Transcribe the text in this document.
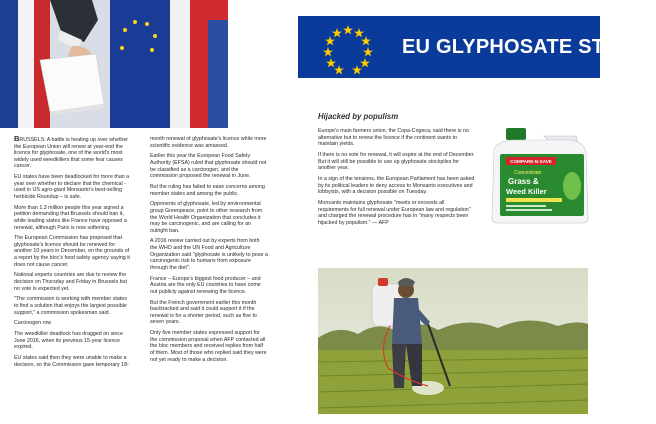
EU GLYPHOSATE STATUS

BRUSSELS: A battle is heating up over whether the European Union will renew at year-end the licence for glyphosate, one of the world's most widely used weedkillers that some fear causes cancer.

EU states have been deadlocked for more than a year over whether to declare that the chemical - used in US agro-giant Monsanto's best-selling herbicide Roundup – is safe.

More than 1.3 million people this year signed a petition demanding that Brussels should ban it, while leading states like France have opposed a renewal, although Paris is now softening.

The European Commission has proposed that glyphosate's licence should be renewed for another 10 years in December, on the grounds of a report by the bloc's food safety agency saying it does not cause cancer.

National experts countries are due to review the decision on Thursday and Friday in Brussels but no vote is expected yet.

"The commission is working with member states to find a solution that enjoys the largest possible support," a commission spokesman said.

Carcinogen row

The weedkiller deadlock has dragged on since June 2016, when its previous 15-year licence expired.

EU states said then they were unable to make a decision, so the Commission gave temporary 18-

month renewal of glyphosate's licence while more scientific evidence was amassed.

Earlier this year the European Food Safety Authority (EFSA) ruled that glyphosate should not be classified as a carcinogen, and the commission proposed the renewal in June.

But the ruling has failed to ease concerns among member states and among the public.

Opponents of glyphosate, led by environmental group Greenpeace, point to other research from the World Health Organization that concludes it may be carcinogenic, and are calling for an outright ban.

A 2016 review carried out by experts from both the WHO and the UN Food and Agriculture Organization said "glyphosate is unlikely to pose a carcinogenic risk to humans from exposure through the diet".

France – Europe's biggest food producer – and Austria are the only EU countries to have come out publicly against renewing the licence.

But the French government earlier this month backtracked and said it could support it if the renewal is for a shorter period, such as five to seven years.

Only five member states expressed support for the commission proposal when AFP contacted all the bloc members and received replies from half of them. Most of those who replied said they were not yet ready to make a decision.

Hijacked by populism

Europe's main farmers union, the Copa-Cogeca, said there is no alternative but to renew the licence if the continent wants to maintain yields.

If there is no vote for renewal, it will expire at the end of December. But it will still be possible to use up glyphosate stockpiles for another year.

In a sign of the tensions, the European Parliament has been asked by its political leaders to deny access to Monsanto executives and lobbyists, with a decision possible on Tuesday.

Monsanto maintains glyphosate "meets or exceeds all requirements for full renewal under European law and regulation" and charged the renewal procedure has in "many respects been hijacked by populism." — AFP

COMPARE-N-SAVE
Concentrate
Grass &
Weed Killer
